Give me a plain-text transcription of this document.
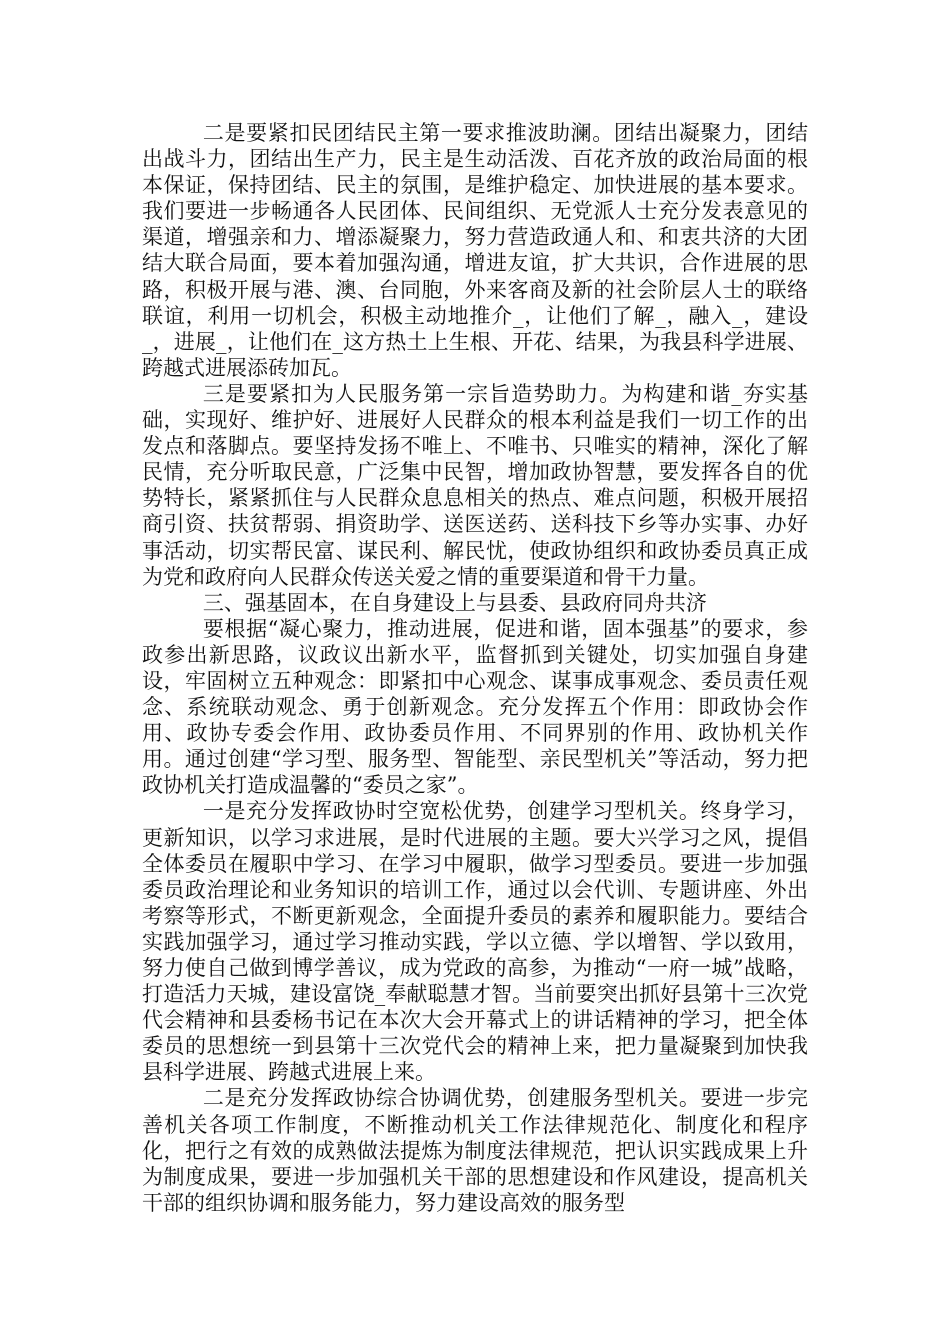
二是要紧扣民团结民主第一要求推波助澜。团结出凝聚力，团结出战斗力，团结出生产力，民主是生动活泼、百花齐放的政治局面的根本保证，保持团结、民主的氛围，是维护稳定、加快进展的基本要求。我们要进一步畅通各人民团体、民间组织、无党派人士充分发表意见的渠道，增强亲和力、增添凝聚力，努力营造政通人和、和衷共济的大团结大联合局面，要本着加强沟通，增进友谊，扩大共识，合作进展的思路，积极开展与港、澳、台同胞，外来客商及新的社会阶层人士的联络联谊，利用一切机会，积极主动地推介_，让他们了解_，融入_，建设_，进展_，让他们在_这方热土上生根、开花、结果，为我县科学进展、跨越式进展添砖加瓦。

三是要紧扣为人民服务第一宗旨造势助力。为构建和谐_夯实基础，实现好、维护好、进展好人民群众的根本利益是我们一切工作的出发点和落脚点。要坚持发扬不唯上、不唯书、只唯实的精神，深化了解民情，充分听取民意，广泛集中民智，增加政协智慧，要发挥各自的优势特长，紧紧抓住与人民群众息息相关的热点、难点问题，积极开展招商引资、扶贫帮弱、捐资助学、送医送药、送科技下乡等办实事、办好事活动，切实帮民富、谋民利、解民忧，使政协组织和政协委员真正成为党和政府向人民群众传送关爱之情的重要渠道和骨干力量。

三、强基固本，在自身建设上与县委、县政府同舟共济

要根据“凝心聚力，推动进展，促进和谐，固本强基”的要求，参政参出新思路，议政议出新水平，监督抓到关键处，切实加强自身建设，牢固树立五种观念：即紧扣中心观念、谋事成事观念、委员责任观念、系统联动观念、勇于创新观念。充分发挥五个作用：即政协会作用、政协专委会作用、政协委员作用、不同界别的作用、政协机关作用。通过创建“学习型、服务型、智能型、亲民型机关”等活动，努力把政协机关打造成温馨的“委员之家”。

一是充分发挥政协时空宽松优势，创建学习型机关。终身学习，更新知识，以学习求进展，是时代进展的主题。要大兴学习之风，提倡全体委员在履职中学习、在学习中履职，做学习型委员。要进一步加强委员政治理论和业务知识的培训工作，通过以会代训、专题讲座、外出考察等形式，不断更新观念，全面提升委员的素养和履职能力。要结合实践加强学习，通过学习推动实践，学以立德、学以增智、学以致用，努力使自己做到博学善议，成为党政的高参，为推动“一府一城”战略，打造活力天城，建设富饶_奉献聪慧才智。当前要突出抓好县第十三次党代会精神和县委杨书记在本次大会开幕式上的讲话精神的学习，把全体委员的思想统一到县第十三次党代会的精神上来，把力量凝聚到加快我县科学进展、跨越式进展上来。

二是充分发挥政协综合协调优势，创建服务型机关。要进一步完善机关各项工作制度，不断推动机关工作法律规范化、制度化和程序化，把行之有效的成熟做法提炼为制度法律规范，把认识实践成果上升为制度成果，要进一步加强机关干部的思想建设和作风建设，提高机关干部的组织协调和服务能力，努力建设高效的服务型
